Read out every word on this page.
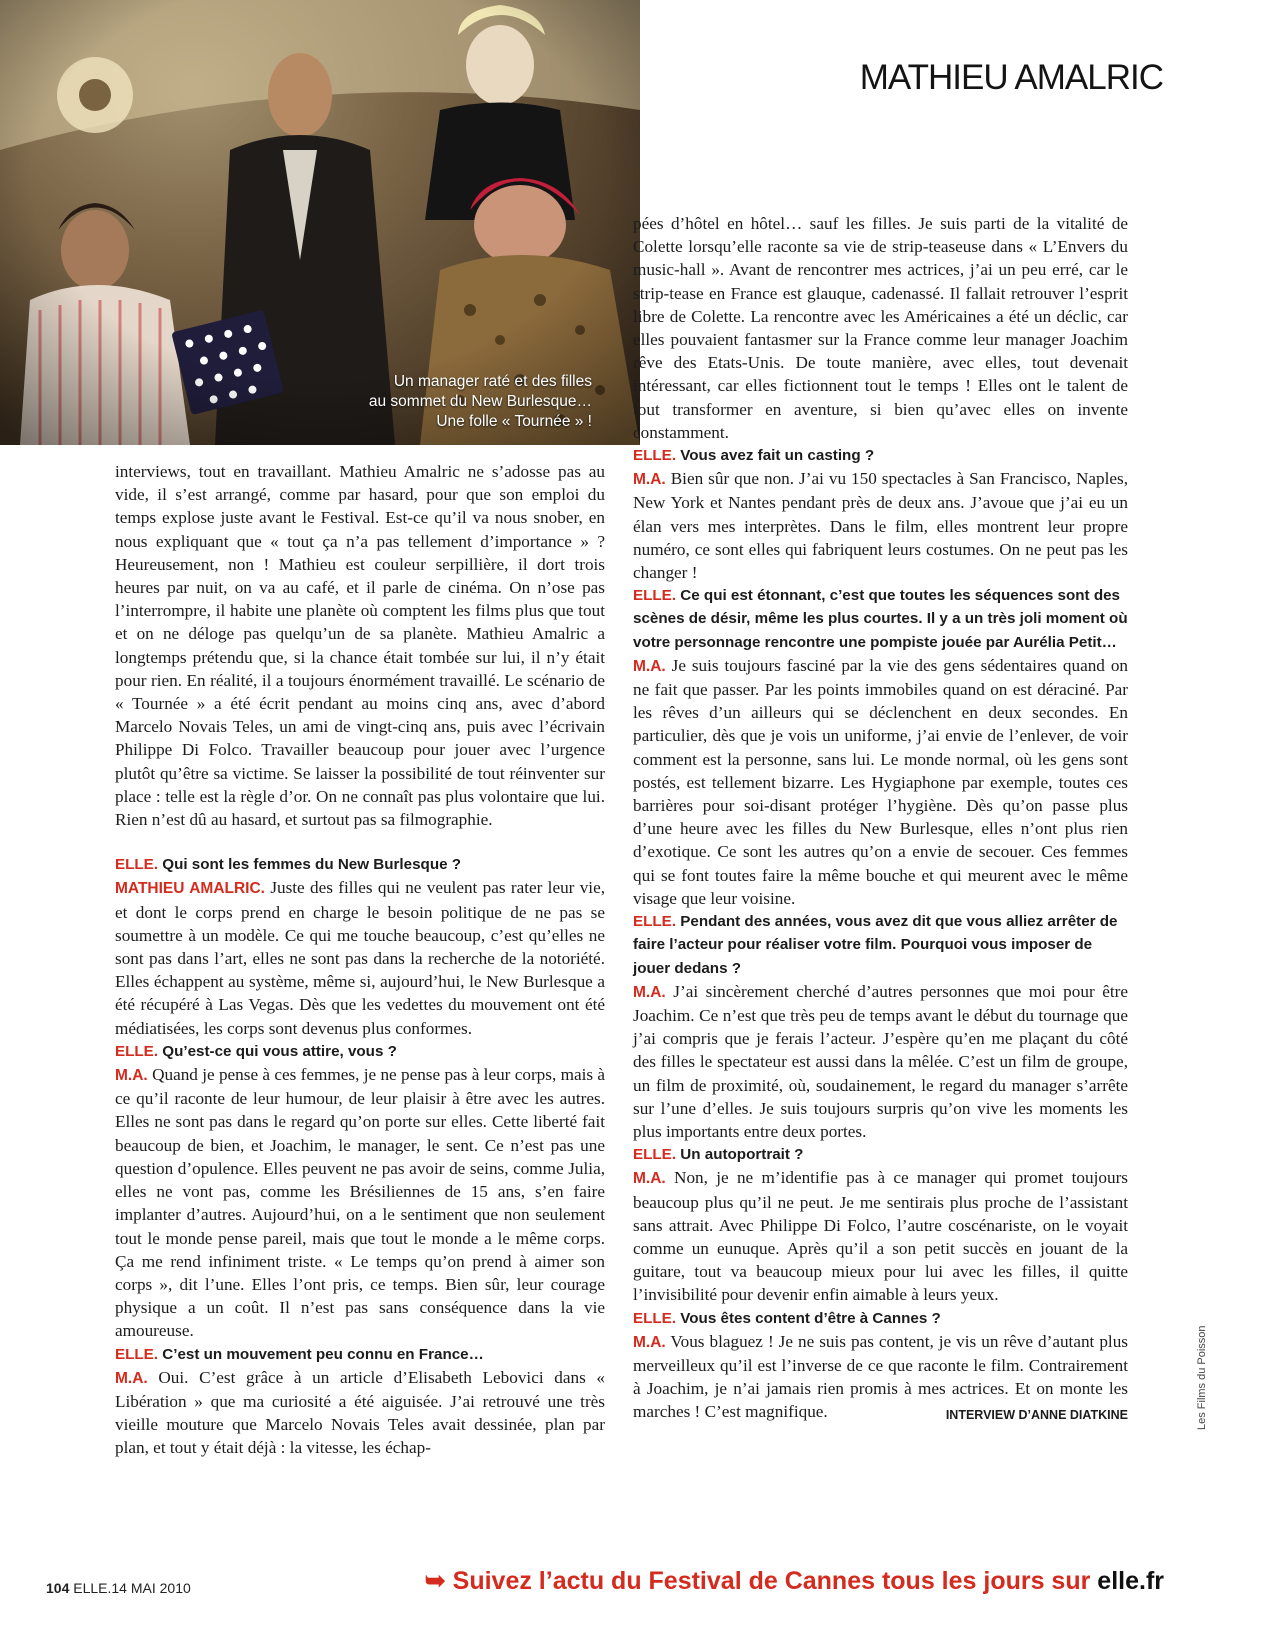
Un manager raté et des filles
au sommet du New Burlesque…
Une folle « Tournée » !
MATHIEU AMALRIC

interviews, tout en travaillant. Mathieu Amalric ne s’adosse pas au vide, il s’est arrangé, comme par hasard, pour que son emploi du temps explose juste avant le Festival. Est-ce qu’il va nous snober, en nous expliquant que « tout ça n’a pas tellement d’importance » ? Heureusement, non ! Mathieu est couleur serpillière, il dort trois heures par nuit, on va au café, et il parle de cinéma. On n’ose pas l’interrompre, il habite une planète où comptent les films plus que tout et on ne déloge pas quelqu’un de sa planète. Mathieu Amalric a longtemps prétendu que, si la chance était tombée sur lui, il n’y était pour rien. En réalité, il a toujours énormément travaillé. Le scénario de « Tournée » a été écrit pendant au moins cinq ans, avec d’abord Marcelo Novais Teles, un ami de vingt-cinq ans, puis avec l’écrivain Philippe Di Folco. Travailler beaucoup pour jouer avec l’urgence plutôt qu’être sa victime. Se laisser la possibilité de tout réinventer sur place : telle est la règle d’or. On ne connaît pas plus volontaire que lui. Rien n’est dû au hasard, et surtout pas sa filmographie.

ELLE. Qui sont les femmes du New Burlesque ?

MATHIEU AMALRIC. Juste des filles qui ne veulent pas rater leur vie, et dont le corps prend en charge le besoin politique de ne pas se soumettre à un modèle. Ce qui me touche beaucoup, c’est qu’elles ne sont pas dans l’art, elles ne sont pas dans la recherche de la notoriété. Elles échappent au système, même si, aujourd’hui, le New Burlesque a été récupéré à Las Vegas. Dès que les vedettes du mouvement ont été médiatisées, les corps sont devenus plus conformes.

ELLE. Qu’est-ce qui vous attire, vous ?

M.A. Quand je pense à ces femmes, je ne pense pas à leur corps, mais à ce qu’il raconte de leur humour, de leur plaisir à être avec les autres. Elles ne sont pas dans le regard qu’on porte sur elles. Cette liberté fait beaucoup de bien, et Joachim, le manager, le sent. Ce n’est pas une question d’opulence. Elles peuvent ne pas avoir de seins, comme Julia, elles ne vont pas, comme les Brésiliennes de 15 ans, s’en faire implanter d’autres. Aujourd’hui, on a le sentiment que non seulement tout le monde pense pareil, mais que tout le monde a le même corps. Ça me rend infiniment triste. « Le temps qu’on prend à aimer son corps », dit l’une. Elles l’ont pris, ce temps. Bien sûr, leur courage physique a un coût. Il n’est pas sans conséquence dans la vie amoureuse.

ELLE. C’est un mouvement peu connu en France…

M.A. Oui. C’est grâce à un article d’Elisabeth Lebovici dans « Libération » que ma curiosité a été aiguisée. J’ai retrouvé une très vieille mouture que Marcelo Novais Teles avait dessinée, plan par plan, et tout y était déjà : la vitesse, les échap-

pées d’hôtel en hôtel… sauf les filles. Je suis parti de la vitalité de Colette lorsqu’elle raconte sa vie de strip-teaseuse dans « L’Envers du music-hall ». Avant de rencontrer mes actrices, j’ai un peu erré, car le strip-tease en France est glauque, cadenassé. Il fallait retrouver l’esprit libre de Colette. La rencontre avec les Américaines a été un déclic, car elles pouvaient fantasmer sur la France comme leur manager Joachim rêve des Etats-Unis. De toute manière, avec elles, tout devenait intéressant, car elles fictionnent tout le temps ! Elles ont le talent de tout transformer en aventure, si bien qu’avec elles on invente constamment.

ELLE. Vous avez fait un casting ?

M.A. Bien sûr que non. J’ai vu 150 spectacles à San Francisco, Naples, New York et Nantes pendant près de deux ans. J’avoue que j’ai eu un élan vers mes interprètes. Dans le film, elles montrent leur propre numéro, ce sont elles qui fabriquent leurs costumes. On ne peut pas les changer !

ELLE. Ce qui est étonnant, c’est que toutes les séquences sont des scènes de désir, même les plus courtes. Il y a un très joli moment où votre personnage rencontre une pompiste jouée par Aurélia Petit…

M.A. Je suis toujours fasciné par la vie des gens sédentaires quand on ne fait que passer. Par les points immobiles quand on est déraciné. Par les rêves d’un ailleurs qui se déclenchent en deux secondes. En particulier, dès que je vois un uniforme, j’ai envie de l’enlever, de voir comment est la personne, sans lui. Le monde normal, où les gens sont postés, est tellement bizarre. Les Hygiaphone par exemple, toutes ces barrières pour soi-disant protéger l’hygiène. Dès qu’on passe plus d’une heure avec les filles du New Burlesque, elles n’ont plus rien d’exotique. Ce sont les autres qu’on a envie de secouer. Ces femmes qui se font toutes faire la même bouche et qui meurent avec le même visage que leur voisine.

ELLE. Pendant des années, vous avez dit que vous alliez arrêter de faire l’acteur pour réaliser votre film. Pourquoi vous imposer de jouer dedans ?

M.A. J’ai sincèrement cherché d’autres personnes que moi pour être Joachim. Ce n’est que très peu de temps avant le début du tournage que j’ai compris que je ferais l’acteur. J’espère qu’en me plaçant du côté des filles le spectateur est aussi dans la mêlée. C’est un film de groupe, un film de proximité, où, soudainement, le regard du manager s’arrête sur l’une d’elles. Je suis toujours surpris qu’on vive les moments les plus importants entre deux portes.

ELLE. Un autoportrait ?

M.A. Non, je ne m’identifie pas à ce manager qui promet toujours beaucoup plus qu’il ne peut. Je me sentirais plus proche de l’assistant sans attrait. Avec Philippe Di Folco, l’autre coscénariste, on le voyait comme un eunuque. Après qu’il a son petit succès en jouant de la guitare, tout va beaucoup mieux pour lui avec les filles, il quitte l’invisibilité pour devenir enfin aimable à leurs yeux.

ELLE. Vous êtes content d’être à Cannes ?

M.A. Vous blaguez ! Je ne suis pas content, je vis un rêve d’autant plus merveilleux qu’il est l’inverse de ce que raconte le film. Contrairement à Joachim, je n’ai jamais rien promis à mes actrices. Et on monte les marches ! C’est magnifique.	INTERVIEW D’ANNE DIATKINE

104 ELLE.14 MAI 2010	➥ Suivez l’actu du Festival de Cannes tous les jours sur elle.fr
Les Films du Poisson
